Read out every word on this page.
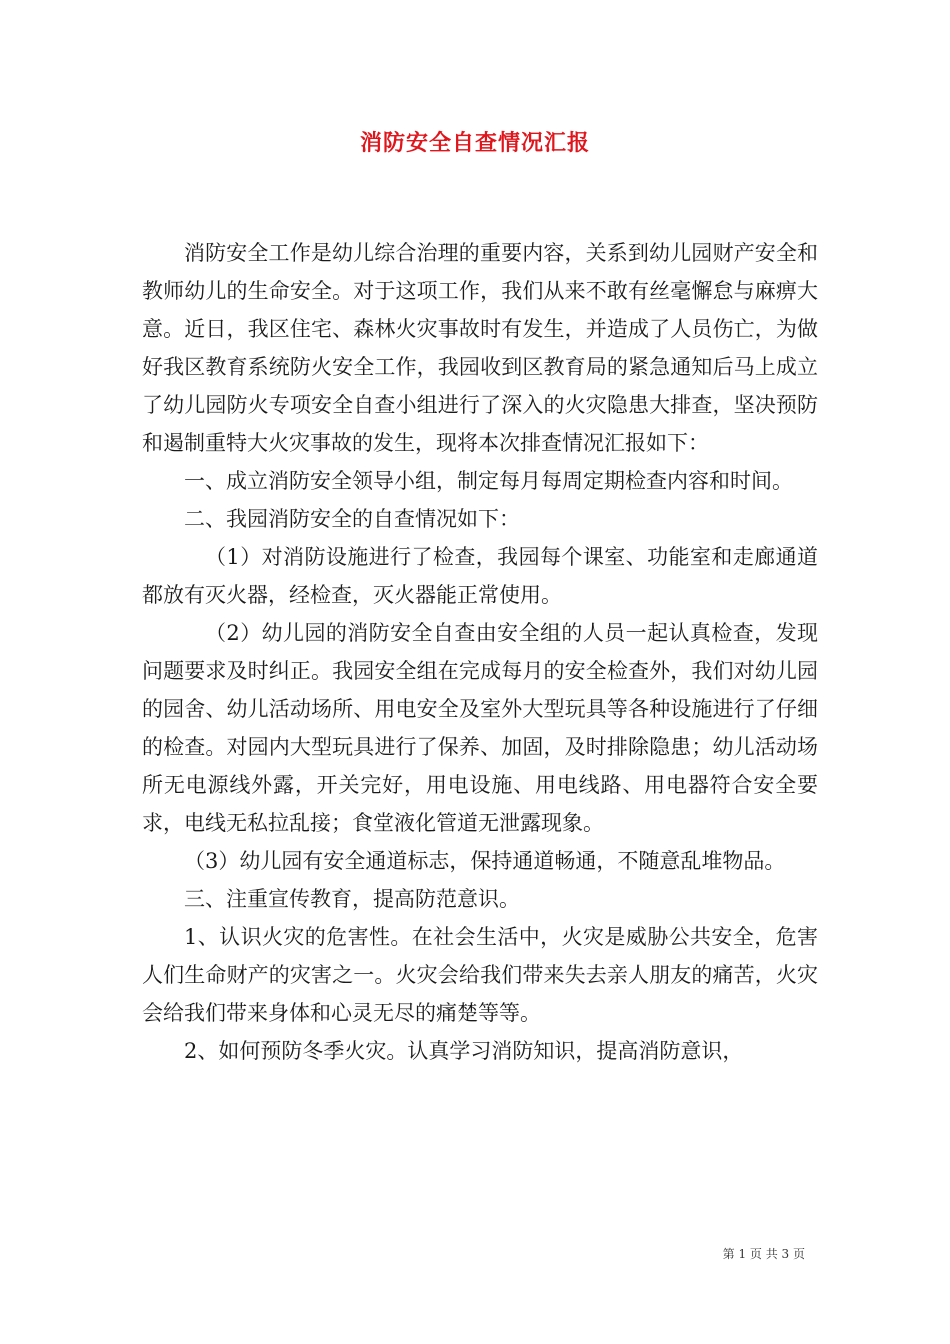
消防安全自查情况汇报

消防安全工作是幼儿综合治理的重要内容，关系到幼儿园财产安全和教师幼儿的生命安全。对于这项工作，我们从来不敢有丝毫懈怠与麻痹大意。近日，我区住宅、森林火灾事故时有发生，并造成了人员伤亡，为做好我区教育系统防火安全工作，我园收到区教育局的紧急通知后马上成立了幼儿园防火专项安全自查小组进行了深入的火灾隐患大排查，坚决预防和遏制重特大火灾事故的发生，现将本次排查情况汇报如下：

一、成立消防安全领导小组，制定每月每周定期检查内容和时间。

二、我园消防安全的自查情况如下：

（1）对消防设施进行了检查，我园每个课室、功能室和走廊通道都放有灭火器，经检查，灭火器能正常使用。

（2）幼儿园的消防安全自查由安全组的人员一起认真检查，发现问题要求及时纠正。我园安全组在完成每月的安全检查外，我们对幼儿园的园舍、幼儿活动场所、用电安全及室外大型玩具等各种设施进行了仔细的检查。对园内大型玩具进行了保养、加固，及时排除隐患；幼儿活动场所无电源线外露，开关完好，用电设施、用电线路、用电器符合安全要求，电线无私拉乱接；食堂液化管道无泄露现象。

（3）幼儿园有安全通道标志，保持通道畅通，不随意乱堆物品。

三、注重宣传教育，提高防范意识。

1、认识火灾的危害性。在社会生活中，火灾是威胁公共安全，危害人们生命财产的灾害之一。火灾会给我们带来失去亲人朋友的痛苦，火灾会给我们带来身体和心灵无尽的痛楚等等。

2、如何预防冬季火灾。认真学习消防知识，提高消防意识，

第 1 页 共 3 页
